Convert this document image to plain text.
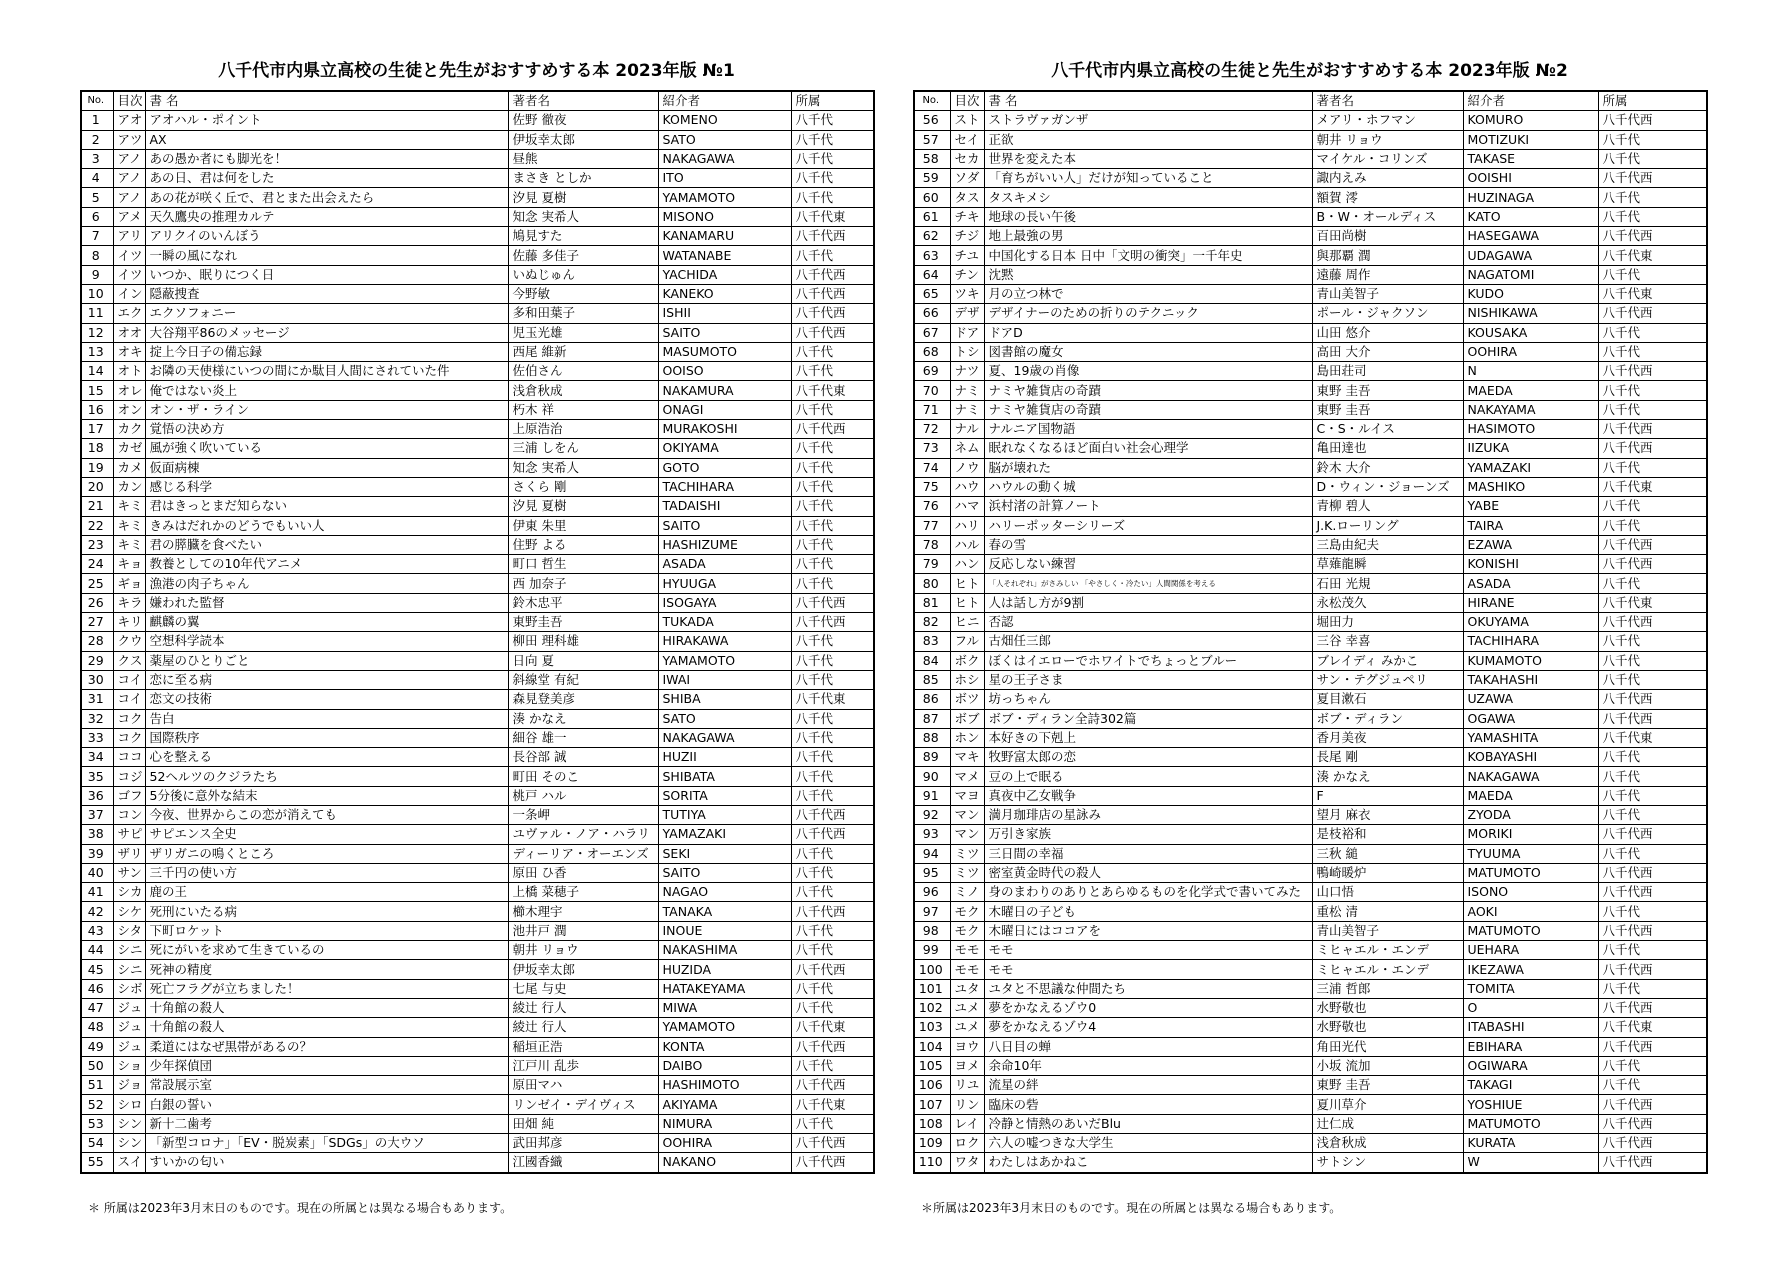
八千代市内県立高校の生徒と先生がおすすめする本 2023年版 №1
No.	目次	書 名	著者名	紹介者	所属
1	アオ	アオハル・ポイント	佐野 徹夜	KOMENO	八千代
2	アツ	AX	伊坂幸太郎	SATO	八千代
3	アノ	あの愚か者にも脚光を！	昼熊	NAKAGAWA	八千代
4	アノ	あの日、君は何をした	まさき としか	ITO	八千代
5	アノ	あの花が咲く丘で、君とまた出会えたら	汐見 夏樹	YAMAMOTO	八千代
6	アメ	天久鷹央の推理カルテ	知念 実希人	MISONO	八千代東
7	アリ	アリクイのいんぼう	鳩見すた	KANAMARU	八千代西
8	イツ	一瞬の風になれ	佐藤 多佳子	WATANABE	八千代
9	イツ	いつか、眠りにつく日	いぬじゅん	YACHIDA	八千代西
10	イン	隠蔽捜査	今野敏	KANEKO	八千代西
11	エク	エクソフォニー	多和田葉子	ISHII	八千代西
12	オオ	大谷翔平86のメッセージ	児玉光雄	SAITO	八千代西
13	オキ	掟上今日子の備忘録	西尾 維新	MASUMOTO	八千代
14	オト	お隣の天使様にいつの間にか駄目人間にされていた件	佐伯さん	OOISO	八千代
15	オレ	俺ではない炎上	浅倉秋成	NAKAMURA	八千代東
16	オン	オン・ザ・ライン	朽木 祥	ONAGI	八千代
17	カク	覚悟の決め方	上原浩治	MURAKOSHI	八千代西
18	カゼ	風が強く吹いている	三浦 しをん	OKIYAMA	八千代
19	カメ	仮面病棟	知念 実希人	GOTO	八千代
20	カン	感じる科学	さくら 剛	TACHIHARA	八千代
21	キミ	君はきっとまだ知らない	汐見 夏樹	TADAISHI	八千代
22	キミ	きみはだれかのどうでもいい人	伊東 朱里	SAITO	八千代
23	キミ	君の膵臓を食べたい	住野 よる	HASHIZUME	八千代
24	キョ	教養としての10年代アニメ	町口 哲生	ASADA	八千代
25	ギョ	漁港の肉子ちゃん	西 加奈子	HYUUGA	八千代
26	キラ	嫌われた監督	鈴木忠平	ISOGAYA	八千代西
27	キリ	麒麟の翼	東野圭吾	TUKADA	八千代西
28	クウ	空想科学読本	柳田 理科雄	HIRAKAWA	八千代
29	クス	薬屋のひとりごと	日向 夏	YAMAMOTO	八千代
30	コイ	恋に至る病	斜線堂 有紀	IWAI	八千代
31	コイ	恋文の技術	森見登美彦	SHIBA	八千代東
32	コク	告白	湊 かなえ	SATO	八千代
33	コク	国際秩序	細谷 雄一	NAKAGAWA	八千代
34	ココ	心を整える	長谷部 誠	HUZII	八千代
35	コジ	52ヘルツのクジラたち	町田 そのこ	SHIBATA	八千代
36	ゴフ	5分後に意外な結末	桃戸 ハル	SORITA	八千代
37	コン	今夜、世界からこの恋が消えても	一条岬	TUTIYA	八千代西
38	サピ	サピエンス全史	ユヴァル・ノア・ハラリ	YAMAZAKI	八千代西
39	ザリ	ザリガニの鳴くところ	ディーリア・オーエンズ	SEKI	八千代
40	サン	三千円の使い方	原田 ひ香	SAITO	八千代
41	シカ	鹿の王	上橋 菜穂子	NAGAO	八千代
42	シケ	死刑にいたる病	櫛木理宇	TANAKA	八千代西
43	シタ	下町ロケット	池井戸 潤	INOUE	八千代
44	シニ	死にがいを求めて生きているの	朝井 リョウ	NAKASHIMA	八千代
45	シニ	死神の精度	伊坂幸太郎	HUZIDA	八千代西
46	シボ	死亡フラグが立ちました！	七尾 与史	HATAKEYAMA	八千代
47	ジュ	十角館の殺人	綾辻 行人	MIWA	八千代
48	ジュ	十角館の殺人	綾辻 行人	YAMAMOTO	八千代東
49	ジュ	柔道にはなぜ黒帯があるの？	稲垣正浩	KONTA	八千代西
50	ショ	少年探偵団	江戸川 乱歩	DAIBO	八千代
51	ジョ	常設展示室	原田マハ	HASHIMOTO	八千代西
52	シロ	白銀の誓い	リンゼイ・デイヴィス	AKIYAMA	八千代東
53	シン	新十二歯考	田畑 純	NIMURA	八千代
54	シン	「新型コロナ」「EV・脱炭素」「SDGs」の大ウソ	武田邦彦	OOHIRA	八千代西
55	スイ	すいかの匂い	江國香織	NAKANO	八千代西
＊ 所属は2023年3月末日のものです。現在の所属とは異なる場合もあります。
八千代市内県立高校の生徒と先生がおすすめする本 2023年版 №2
No.	目次	書 名	著者名	紹介者	所属
56	スト	ストラヴァガンザ	メアリ・ホフマン	KOMURO	八千代西
57	セイ	正欲	朝井 リョウ	MOTIZUKI	八千代
58	セカ	世界を変えた本	マイケル・コリンズ	TAKASE	八千代
59	ソダ	「育ちがいい人」だけが知っていること	諏内えみ	OOISHI	八千代西
60	タス	タスキメシ	額賀 澪	HUZINAGA	八千代
61	チキ	地球の長い午後	B・W・オールディス	KATO	八千代
62	チジ	地上最強の男	百田尚樹	HASEGAWA	八千代西
63	チユ	中国化する日本 日中「文明の衝突」一千年史	與那覇 潤	UDAGAWA	八千代東
64	チン	沈黙	遠藤 周作	NAGATOMI	八千代
65	ツキ	月の立つ林で	青山美智子	KUDO	八千代東
66	デザ	デザイナーのための折りのテクニック	ポール・ジャクソン	NISHIKAWA	八千代西
67	ドア	ドアD	山田 悠介	KOUSAKA	八千代
68	トシ	図書館の魔女	高田 大介	OOHIRA	八千代
69	ナツ	夏、19歳の肖像	島田荘司	N	八千代西
70	ナミ	ナミヤ雑貨店の奇蹟	東野 圭吾	MAEDA	八千代
71	ナミ	ナミヤ雑貨店の奇蹟	東野 圭吾	NAKAYAMA	八千代
72	ナル	ナルニア国物語	C・S・ルイス	HASIMOTO	八千代西
73	ネム	眠れなくなるほど面白い社会心理学	亀田達也	IIZUKA	八千代西
74	ノウ	脳が壊れた	鈴木 大介	YAMAZAKI	八千代
75	ハウ	ハウルの動く城	D・ウィン・ジョーンズ	MASHIKO	八千代東
76	ハマ	浜村渚の計算ノート	青柳 碧人	YABE	八千代
77	ハリ	ハリーポッターシリーズ	J.K.ローリング	TAIRA	八千代
78	ハル	春の雪	三島由紀夫	EZAWA	八千代西
79	ハン	反応しない練習	草薙龍瞬	KONISHI	八千代西
80	ヒト	「人それぞれ」がさみしい 「やさしく・冷たい」人間関係を考える	石田 光規	ASADA	八千代
81	ヒト	人は話し方が9割	永松茂久	HIRANE	八千代東
82	ヒニ	否認	堀田力	OKUYAMA	八千代西
83	フル	古畑任三郎	三谷 幸喜	TACHIHARA	八千代
84	ボク	ぼくはイエローでホワイトでちょっとブルー	ブレイディ みかこ	KUMAMOTO	八千代
85	ホシ	星の王子さま	サン・テグジュペリ	TAKAHASHI	八千代
86	ボツ	坊っちゃん	夏目漱石	UZAWA	八千代西
87	ボブ	ボブ・ディラン全詩302篇	ボブ・ディラン	OGAWA	八千代西
88	ホン	本好きの下剋上	香月美夜	YAMASHITA	八千代東
89	マキ	牧野富太郎の恋	長尾 剛	KOBAYASHI	八千代
90	マメ	豆の上で眠る	湊 かなえ	NAKAGAWA	八千代
91	マヨ	真夜中乙女戦争	F	MAEDA	八千代
92	マン	満月珈琲店の星詠み	望月 麻衣	ZYODA	八千代
93	マン	万引き家族	是枝裕和	MORIKI	八千代西
94	ミツ	三日間の幸福	三秋 縋	TYUUMA	八千代
95	ミツ	密室黄金時代の殺人	鴨崎暖炉	MATUMOTO	八千代西
96	ミノ	身のまわりのありとあらゆるものを化学式で書いてみた	山口悟	ISONO	八千代西
97	モク	木曜日の子ども	重松 清	AOKI	八千代
98	モク	木曜日にはココアを	青山美智子	MATUMOTO	八千代西
99	モモ	モモ	ミヒャエル・エンデ	UEHARA	八千代
100	モモ	モモ	ミヒャエル・エンデ	IKEZAWA	八千代西
101	ユタ	ユタと不思議な仲間たち	三浦 哲郎	TOMITA	八千代
102	ユメ	夢をかなえるゾウ0	水野敬也	O	八千代西
103	ユメ	夢をかなえるゾウ4	水野敬也	ITABASHI	八千代東
104	ヨウ	八日目の蝉	角田光代	EBIHARA	八千代西
105	ヨメ	余命10年	小坂 流加	OGIWARA	八千代
106	リユ	流星の絆	東野 圭吾	TAKAGI	八千代
107	リン	臨床の砦	夏川草介	YOSHIUE	八千代西
108	レイ	冷静と情熱のあいだBlu	辻仁成	MATUMOTO	八千代西
109	ロク	六人の嘘つきな大学生	浅倉秋成	KURATA	八千代西
110	ワタ	わたしはあかねこ	サトシン	W	八千代西
＊所属は2023年3月末日のものです。現在の所属とは異なる場合もあります。
